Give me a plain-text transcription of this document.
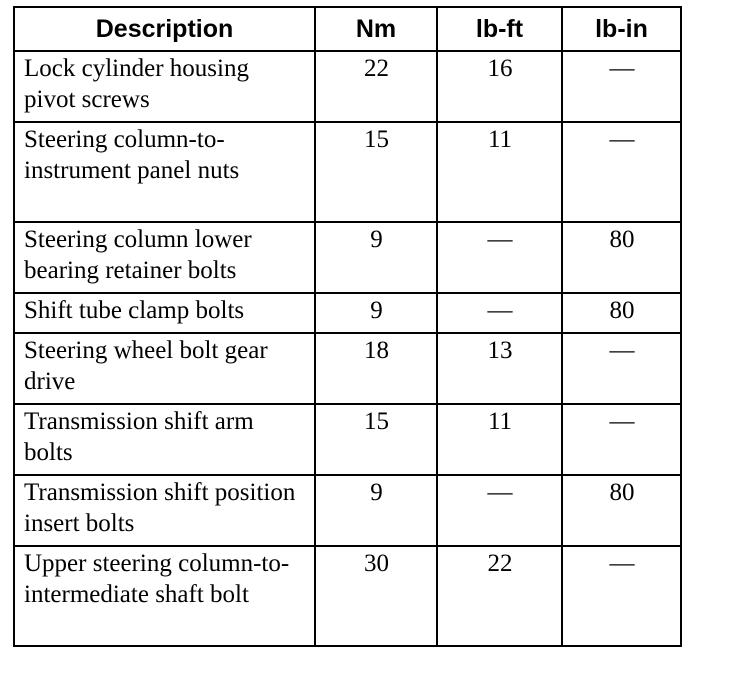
Description	Nm	lb-ft	lb-in
Lock cylinder housing pivot screws	22	16	—
Steering column-to-instrument panel nuts	15	11	—
Steering column lower bearing retainer bolts	9	—	80
Shift tube clamp bolts	9	—	80
Steering wheel bolt gear drive	18	13	—
Transmission shift arm bolts	15	11	—
Transmission shift position insert bolts	9	—	80
Upper steering column-to-intermediate shaft bolt	30	22	—
